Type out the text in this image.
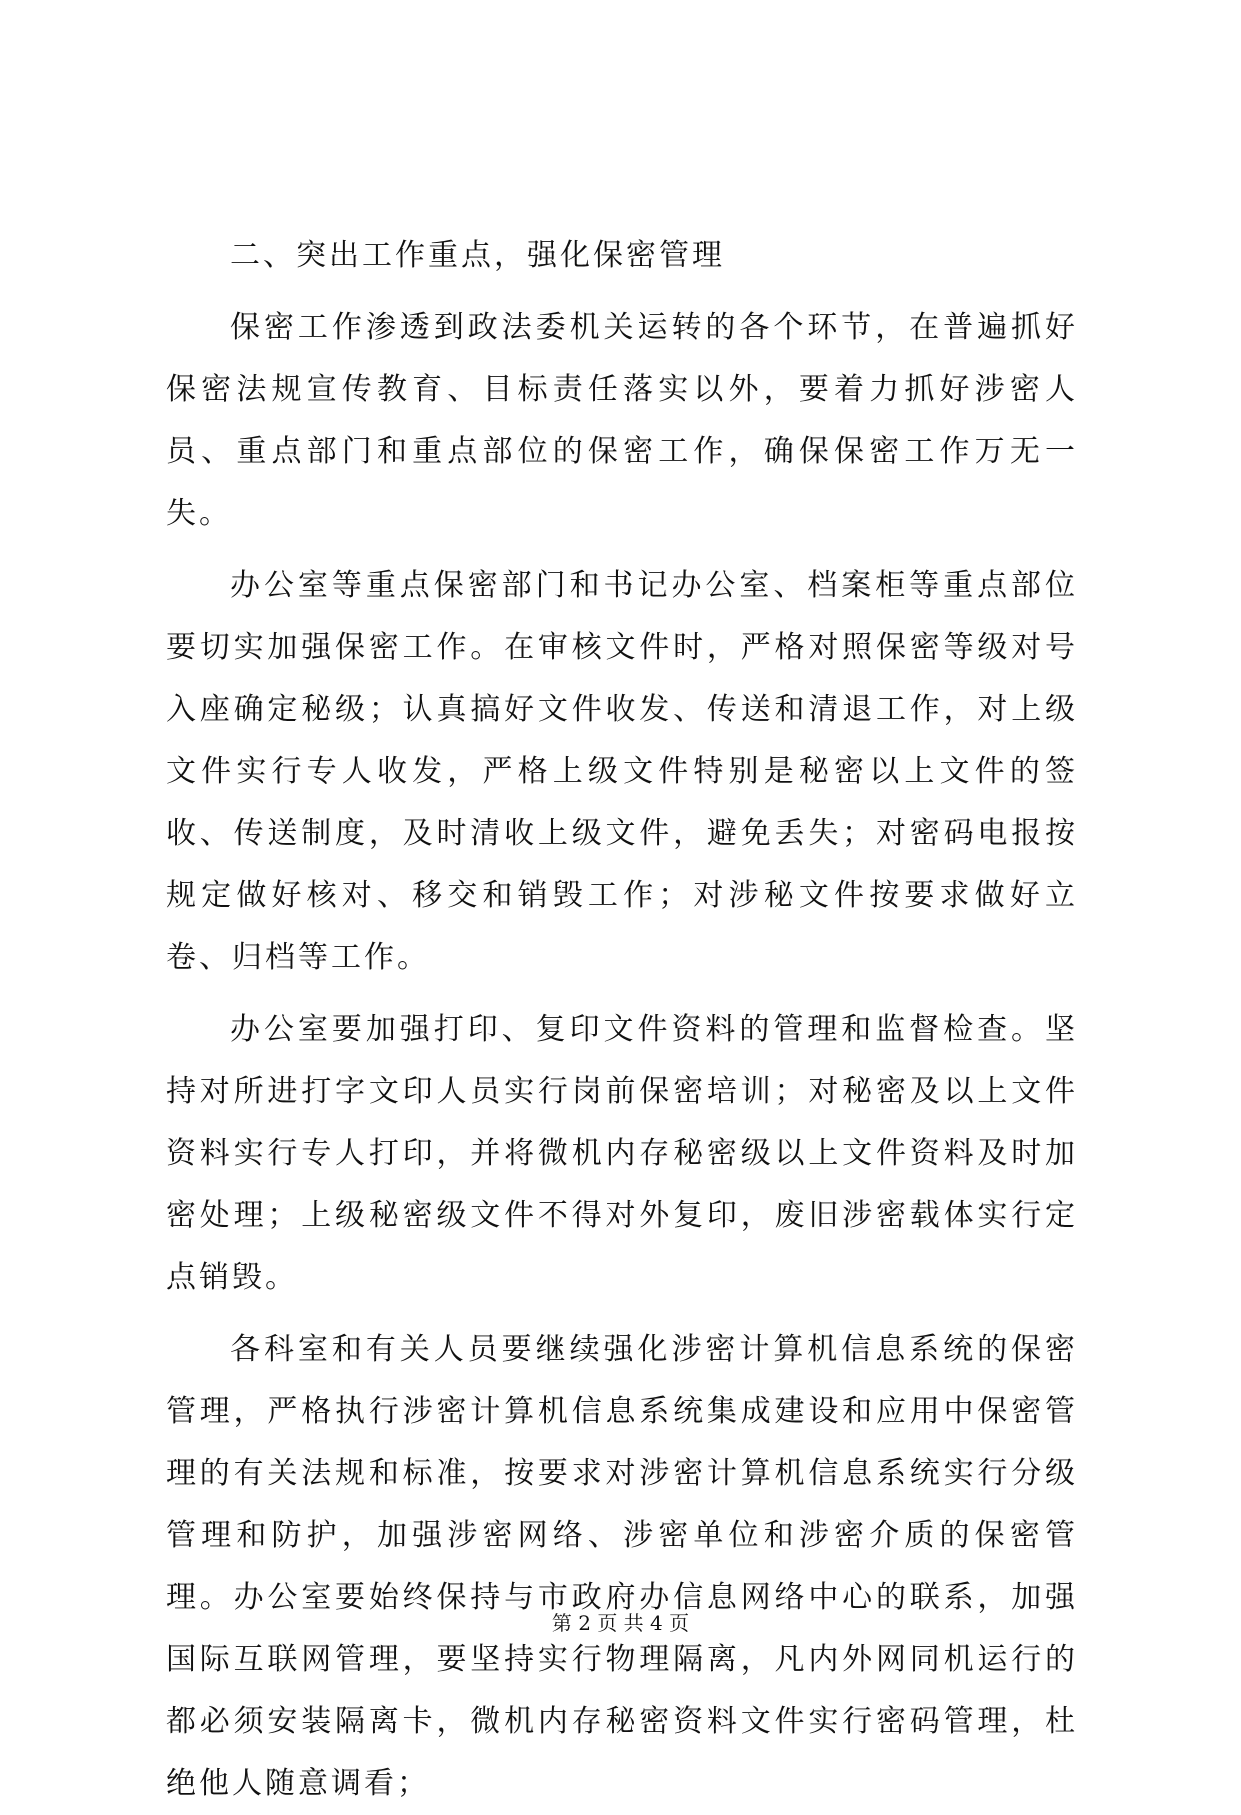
二、突出工作重点，强化保密管理

保密工作渗透到政法委机关运转的各个环节，在普遍抓好保密法规宣传教育、目标责任落实以外，要着力抓好涉密人员、重点部门和重点部位的保密工作，确保保密工作万无一失。

办公室等重点保密部门和书记办公室、档案柜等重点部位要切实加强保密工作。在审核文件时，严格对照保密等级对号入座确定秘级；认真搞好文件收发、传送和清退工作，对上级文件实行专人收发，严格上级文件特别是秘密以上文件的签收、传送制度，及时清收上级文件，避免丢失；对密码电报按规定做好核对、移交和销毁工作；对涉秘文件按要求做好立卷、归档等工作。

办公室要加强打印、复印文件资料的管理和监督检查。坚持对所进打字文印人员实行岗前保密培训；对秘密及以上文件资料实行专人打印，并将微机内存秘密级以上文件资料及时加密处理；上级秘密级文件不得对外复印，废旧涉密载体实行定点销毁。

各科室和有关人员要继续强化涉密计算机信息系统的保密管理，严格执行涉密计算机信息系统集成建设和应用中保密管理的有关法规和标准，按要求对涉密计算机信息系统实行分级管理和防护，加强涉密网络、涉密单位和涉密介质的保密管理。办公室要始终保持与市政府办信息网络中心的联系，加强国际互联网管理，要坚持实行物理隔离，凡内外网同机运行的都必须安装隔离卡，微机内存秘密资料文件实行密码管理，杜绝他人随意调看；

第 2 页 共 4 页
